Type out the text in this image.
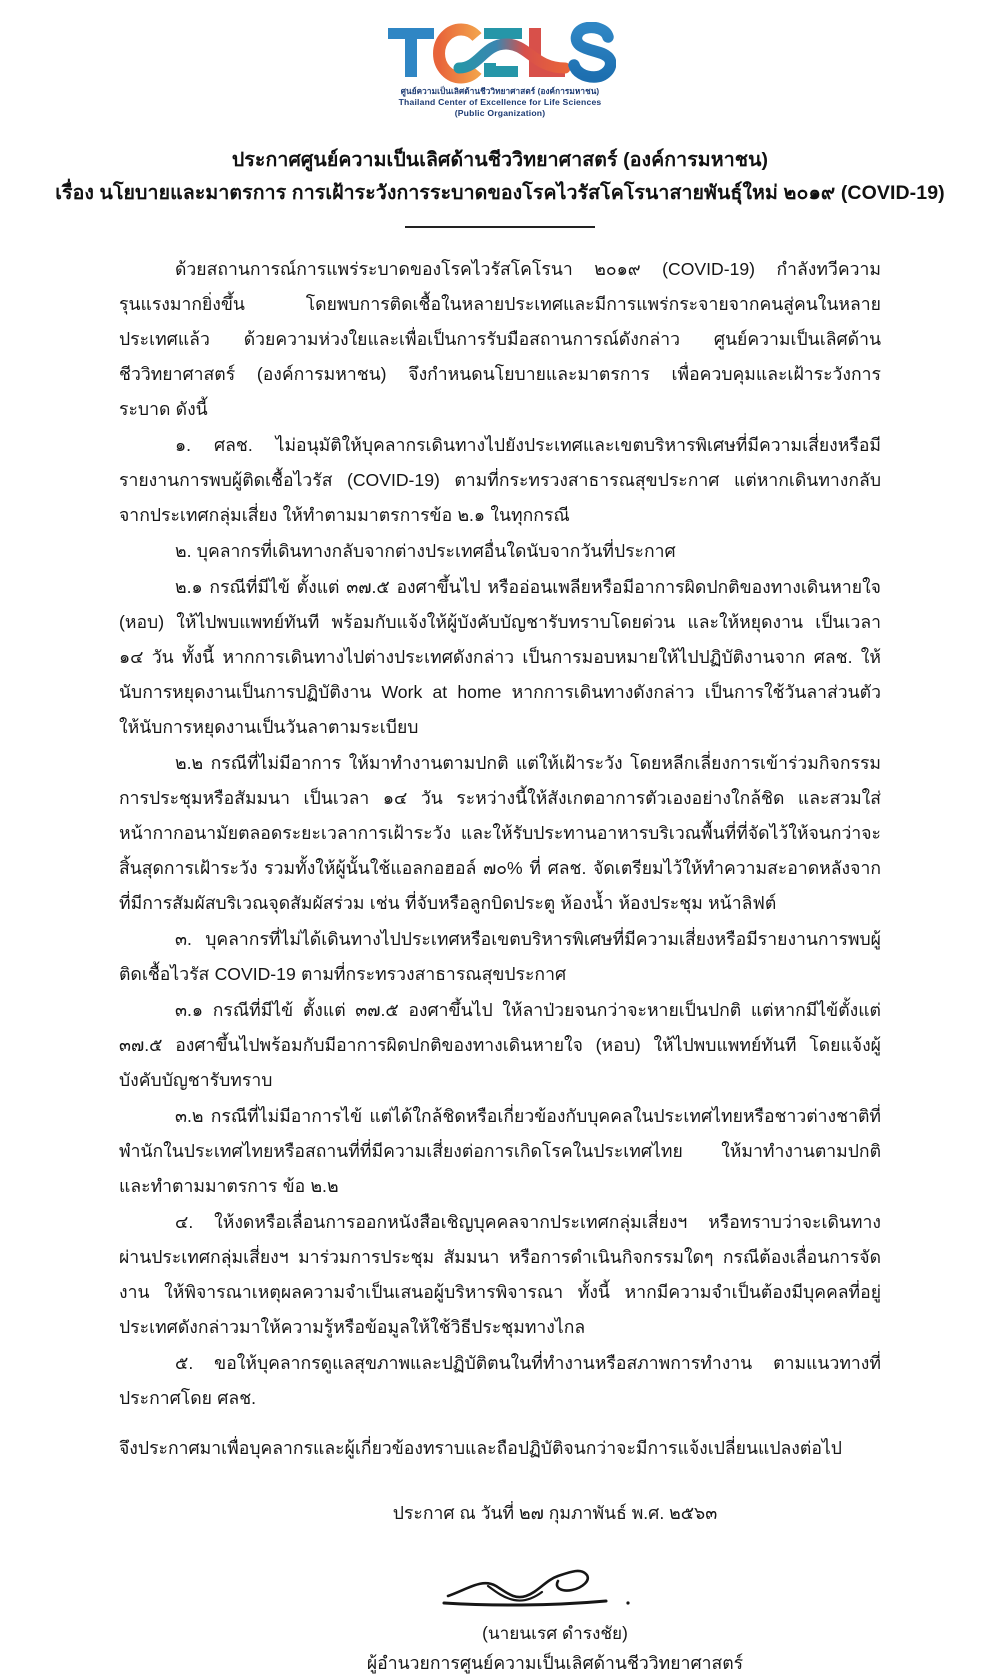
ศูนย์ความเป็นเลิศด้านชีววิทยาศาสตร์ (องค์การมหาชน)
Thailand Center of Excellence for Life Sciences
(Public Organization)
ประกาศศูนย์ความเป็นเลิศด้านชีววิทยาศาสตร์ (องค์การมหาชน)
เรื่อง นโยบายและมาตรการ การเฝ้าระวังการระบาดของโรคไวรัสโคโรนาสายพันธุ์ใหม่ ๒๐๑๙ (COVID-19)

ด้วยสถานการณ์การแพร่ระบาดของโรคไวรัสโคโรนา ๒๐๑๙ (COVID-19) กำลังทวีความรุนแรงมากยิ่งขึ้น โดยพบการติดเชื้อในหลายประเทศและมีการแพร่กระจายจากคนสู่คนในหลายประเทศแล้ว ด้วยความห่วงใยและเพื่อเป็นการรับมือสถานการณ์ดังกล่าว ศูนย์ความเป็นเลิศด้านชีววิทยาศาสตร์ (องค์การมหาชน) จึงกำหนดนโยบายและมาตรการ เพื่อควบคุมและเฝ้าระวังการระบาด ดังนี้

๑. ศลช. ไม่อนุมัติให้บุคลากรเดินทางไปยังประเทศและเขตบริหารพิเศษที่มีความเสี่ยงหรือมีรายงานการพบผู้ติดเชื้อไวรัส (COVID-19) ตามที่กระทรวงสาธารณสุขประกาศ แต่หากเดินทางกลับจากประเทศกลุ่มเสี่ยง ให้ทำตามมาตรการข้อ ๒.๑ ในทุกกรณี

๒. บุคลากรที่เดินทางกลับจากต่างประเทศอื่นใดนับจากวันที่ประกาศ

๒.๑ กรณีที่มีไข้ ตั้งแต่ ๓๗.๕ องศาขึ้นไป หรืออ่อนเพลียหรือมีอาการผิดปกติของทางเดินหายใจ (หอบ) ให้ไปพบแพทย์ทันที พร้อมกับแจ้งให้ผู้บังคับบัญชารับทราบโดยด่วน และให้หยุดงาน เป็นเวลา ๑๔ วัน ทั้งนี้ หากการเดินทางไปต่างประเทศดังกล่าว เป็นการมอบหมายให้ไปปฏิบัติงานจาก ศลช. ให้นับการหยุดงานเป็นการปฏิบัติงาน Work at home หากการเดินทางดังกล่าว เป็นการใช้วันลาส่วนตัว ให้นับการหยุดงานเป็นวันลาตามระเบียบ

๒.๒ กรณีที่ไม่มีอาการ ให้มาทำงานตามปกติ แต่ให้เฝ้าระวัง โดยหลีกเลี่ยงการเข้าร่วมกิจกรรมการประชุมหรือสัมมนา เป็นเวลา ๑๔ วัน ระหว่างนี้ให้สังเกตอาการตัวเองอย่างใกล้ชิด และสวมใส่หน้ากากอนามัยตลอดระยะเวลาการเฝ้าระวัง และให้รับประทานอาหารบริเวณพื้นที่ที่จัดไว้ให้จนกว่าจะสิ้นสุดการเฝ้าระวัง รวมทั้งให้ผู้นั้นใช้แอลกอฮอล์ ๗๐% ที่ ศลช. จัดเตรียมไว้ให้ทำความสะอาดหลังจากที่มีการสัมผัสบริเวณจุดสัมผัสร่วม เช่น ที่จับหรือลูกบิดประตู ห้องน้ำ ห้องประชุม หน้าลิฟต์

๓. บุคลากรที่ไม่ได้เดินทางไปประเทศหรือเขตบริหารพิเศษที่มีความเสี่ยงหรือมีรายงานการพบผู้ติดเชื้อไวรัส COVID-19 ตามที่กระทรวงสาธารณสุขประกาศ

๓.๑ กรณีที่มีไข้ ตั้งแต่ ๓๗.๕ องศาขึ้นไป ให้ลาป่วยจนกว่าจะหายเป็นปกติ แต่หากมีไข้ตั้งแต่ ๓๗.๕ องศาขึ้นไปพร้อมกับมีอาการผิดปกติของทางเดินหายใจ (หอบ) ให้ไปพบแพทย์ทันที โดยแจ้งผู้บังคับบัญชารับทราบ

๓.๒ กรณีที่ไม่มีอาการไข้ แต่ได้ใกล้ชิดหรือเกี่ยวข้องกับบุคคลในประเทศไทยหรือชาวต่างชาติที่พำนักในประเทศไทยหรือสถานที่ที่มีความเสี่ยงต่อการเกิดโรคในประเทศไทย ให้มาทำงานตามปกติ และทำตามมาตรการ ข้อ ๒.๒

๔. ให้งดหรือเลื่อนการออกหนังสือเชิญบุคคลจากประเทศกลุ่มเสี่ยงฯ หรือทราบว่าจะเดินทางผ่านประเทศกลุ่มเสี่ยงฯ มาร่วมการประชุม สัมมนา หรือการดำเนินกิจกรรมใดๆ กรณีต้องเลื่อนการจัดงาน ให้พิจารณาเหตุผลความจำเป็นเสนอผู้บริหารพิจารณา ทั้งนี้ หากมีความจำเป็นต้องมีบุคคลที่อยู่ประเทศดังกล่าวมาให้ความรู้หรือข้อมูลให้ใช้วิธีประชุมทางไกล

๕. ขอให้บุคลากรดูแลสุขภาพและปฏิบัติตนในที่ทำงานหรือสภาพการทำงาน ตามแนวทางที่ประกาศโดย ศลช.

จึงประกาศมาเพื่อบุคลากรและผู้เกี่ยวข้องทราบและถือปฏิบัติจนกว่าจะมีการแจ้งเปลี่ยนแปลงต่อไป

ประกาศ ณ วันที่ ๒๗ กุมภาพันธ์ พ.ศ. ๒๕๖๓
(นายนเรศ ดำรงชัย)
ผู้อำนวยการศูนย์ความเป็นเลิศด้านชีววิทยาศาสตร์
